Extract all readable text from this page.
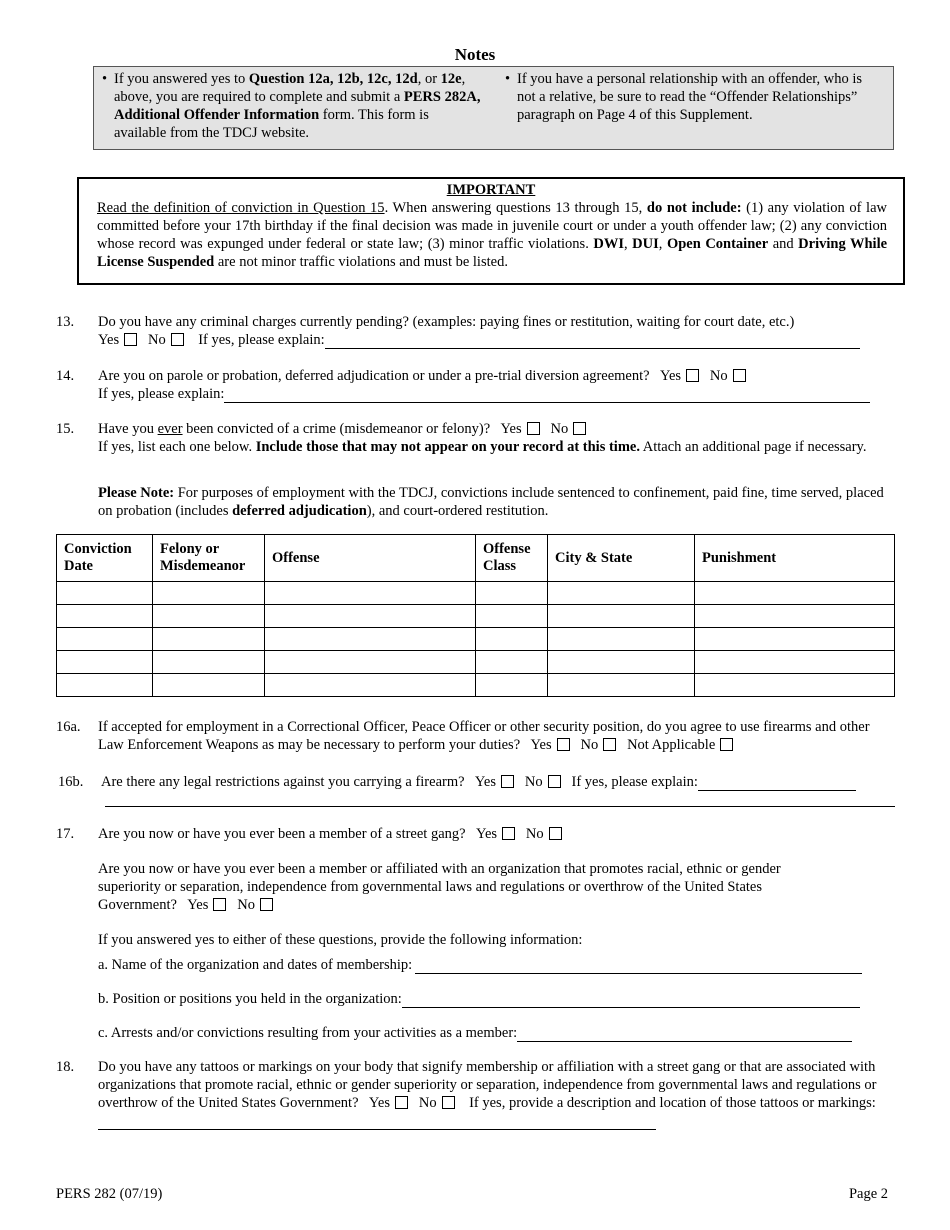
Notes
• If you answered yes to Question 12a, 12b, 12c, 12d, or 12e, above, you are required to complete and submit a PERS 282A, Additional Offender Information form. This form is available from the TDCJ website.
• If you have a personal relationship with an offender, who is not a relative, be sure to read the “Offender Relationships” paragraph on Page 4 of this Supplement.
IMPORTANT
Read the definition of conviction in Question 15. When answering questions 13 through 15, do not include: (1) any violation of law committed before your 17th birthday if the final decision was made in juvenile court or under a youth offender law; (2) any conviction whose record was expunged under federal or state law; (3) minor traffic violations. DWI, DUI, Open Container and Driving While License Suspended are not minor traffic violations and must be listed.
13. Do you have any criminal charges currently pending? (examples: paying fines or restitution, waiting for court date, etc.)
Yes No If yes, please explain:
14. Are you on parole or probation, deferred adjudication or under a pre-trial diversion agreement? Yes No
If yes, please explain:
15. Have you ever been convicted of a crime (misdemeanor or felony)? Yes No
If yes, list each one below. Include those that may not appear on your record at this time. Attach an additional page if necessary.
Please Note: For purposes of employment with the TDCJ, convictions include sentenced to confinement, paid fine, time served, placed on probation (includes deferred adjudication), and court-ordered restitution.
Conviction Date	Felony or Misdemeanor	Offense	Offense Class	City & State	Punishment

16a. If accepted for employment in a Correctional Officer, Peace Officer or other security position, do you agree to use firearms and other Law Enforcement Weapons as may be necessary to perform your duties? Yes No Not Applicable
16b. Are there any legal restrictions against you carrying a firearm? Yes No If yes, please explain:
17. Are you now or have you ever been a member of a street gang? Yes No
Are you now or have you ever been a member or affiliated with an organization that promotes racial, ethnic or gender superiority or separation, independence from governmental laws and regulations or overthrow of the United States Government? Yes No
If you answered yes to either of these questions, provide the following information:
a. Name of the organization and dates of membership:
b. Position or positions you held in the organization:
c. Arrests and/or convictions resulting from your activities as a member:
18. Do you have any tattoos or markings on your body that signify membership or affiliation with a street gang or that are associated with organizations that promote racial, ethnic or gender superiority or separation, independence from governmental laws and regulations or overthrow of the United States Government? Yes No If yes, provide a description and location of those tattoos or markings:
PERS 282 (07/19)	Page 2
